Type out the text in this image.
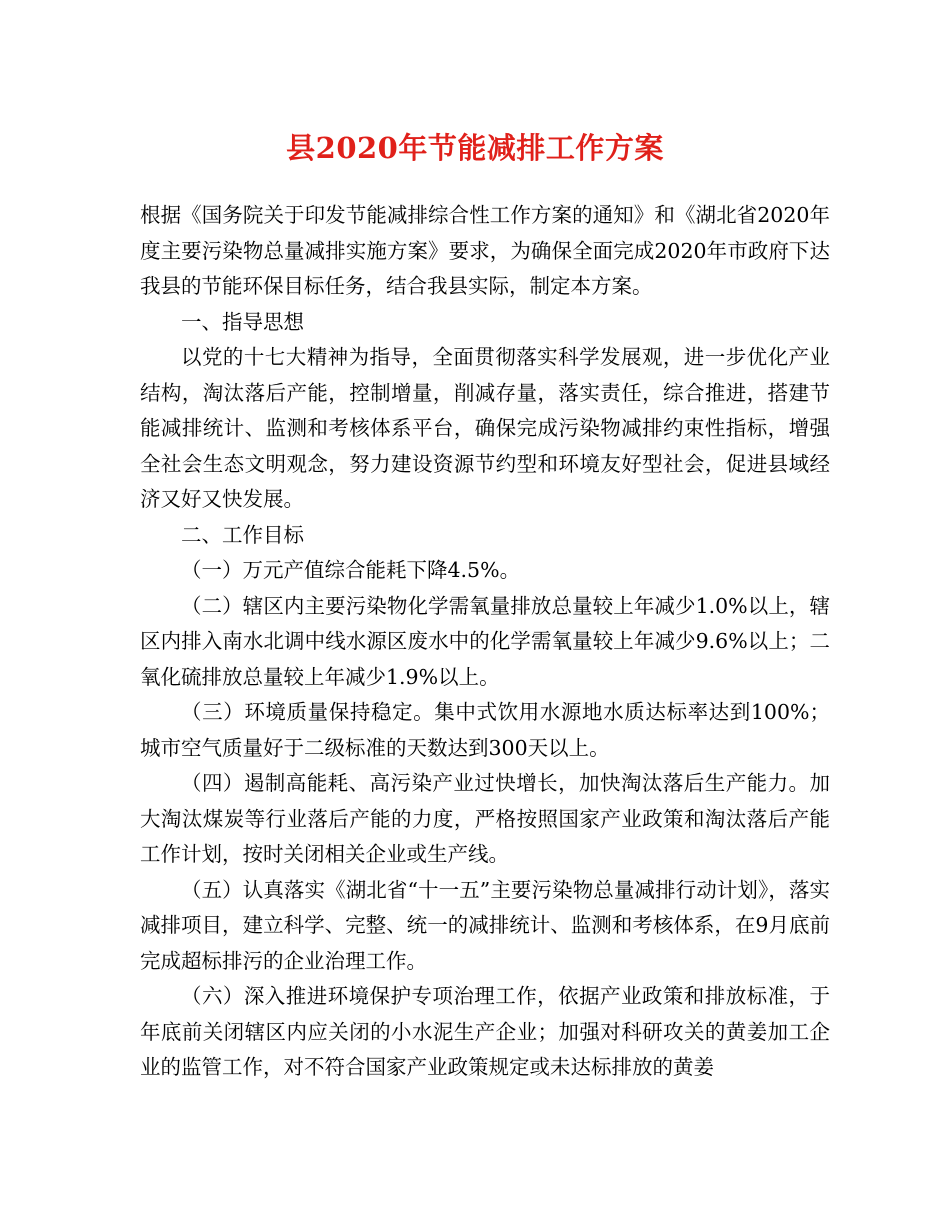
县2020年节能减排工作方案

根据《国务院关于印发节能减排综合性工作方案的通知》和《湖北省2020年度主要污染物总量减排实施方案》要求，为确保全面完成2020年市政府下达我县的节能环保目标任务，结合我县实际，制定本方案。

一、指导思想

以党的十七大精神为指导，全面贯彻落实科学发展观，进一步优化产业结构，淘汰落后产能，控制增量，削减存量，落实责任，综合推进，搭建节能减排统计、监测和考核体系平台，确保完成污染物减排约束性指标，增强全社会生态文明观念，努力建设资源节约型和环境友好型社会，促进县域经济又好又快发展。

二、工作目标

（一）万元产值综合能耗下降4.5%。

（二）辖区内主要污染物化学需氧量排放总量较上年减少1.0%以上，辖区内排入南水北调中线水源区废水中的化学需氧量较上年减少9.6%以上；二氧化硫排放总量较上年减少1.9%以上。

（三）环境质量保持稳定。集中式饮用水源地水质达标率达到100%；城市空气质量好于二级标准的天数达到300天以上。

（四）遏制高能耗、高污染产业过快增长，加快淘汰落后生产能力。加大淘汰煤炭等行业落后产能的力度，严格按照国家产业政策和淘汰落后产能工作计划，按时关闭相关企业或生产线。

（五）认真落实《湖北省“十一五”主要污染物总量减排行动计划》，落实减排项目，建立科学、完整、统一的减排统计、监测和考核体系，在9月底前完成超标排污的企业治理工作。

（六）深入推进环境保护专项治理工作，依据产业政策和排放标准，于年底前关闭辖区内应关闭的小水泥生产企业；加强对科研攻关的黄姜加工企业的监管工作，对不符合国家产业政策规定或未达标排放的黄姜
